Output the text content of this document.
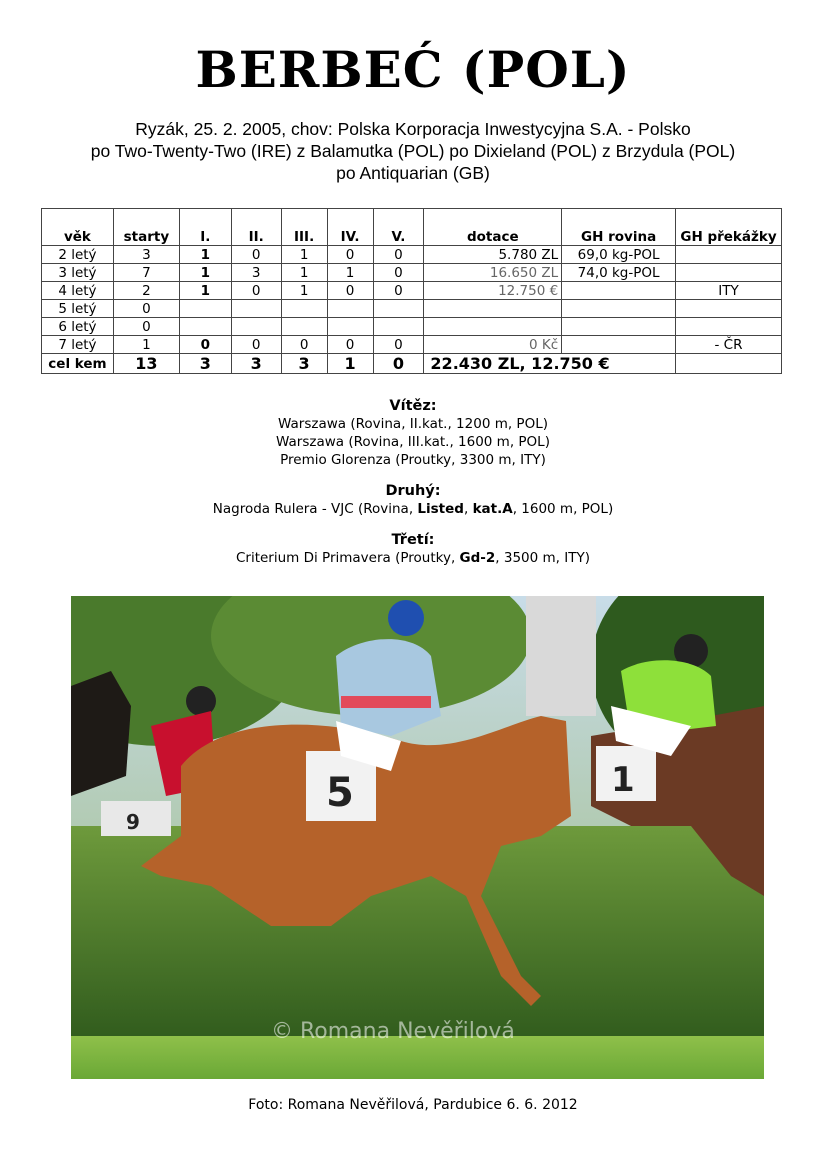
BERBEĆ (POL)
Ryzák, 25. 2. 2005, chov: Polska Korporacja Inwestycyjna S.A. - Polsko
po Two-Twenty-Two (IRE) z Balamutka (POL) po Dixieland (POL) z Brzydula (POL)
po Antiquarian (GB)
věk	starty	I.	II.	III.	IV.	V.	dotace	GH rovina	GH překážky
2 letý	3	1	0	1	0	0	5.780 ZL	69,0 kg-POL	
3 letý	7	1	3	1	1	0	16.650 ZL	74,0 kg-POL	
4 letý	2	1	0	1	0	0	12.750 €		ITY
5 letý	0								
6 letý	0								
7 letý	1	0	0	0	0	0	0 Kč		- ČR
cel kem	13	3	3	3	1	0	22.430 ZL, 12.750 €		
Vítěz:
Warszawa (Rovina, II.kat., 1200 m, POL)
Warszawa (Rovina, III.kat., 1600 m, POL)
Premio Glorenza (Proutky, 3300 m, ITY)
Druhý:
Nagroda Rulera - VJC (Rovina, Listed, kat.A, 1600 m, POL)
Třetí:
Criterium Di Primavera (Proutky, Gd-2, 3500 m, ITY)
9
5	1
© Romana Nevěřilová
Foto: Romana Nevěřilová, Pardubice 6. 6. 2012
